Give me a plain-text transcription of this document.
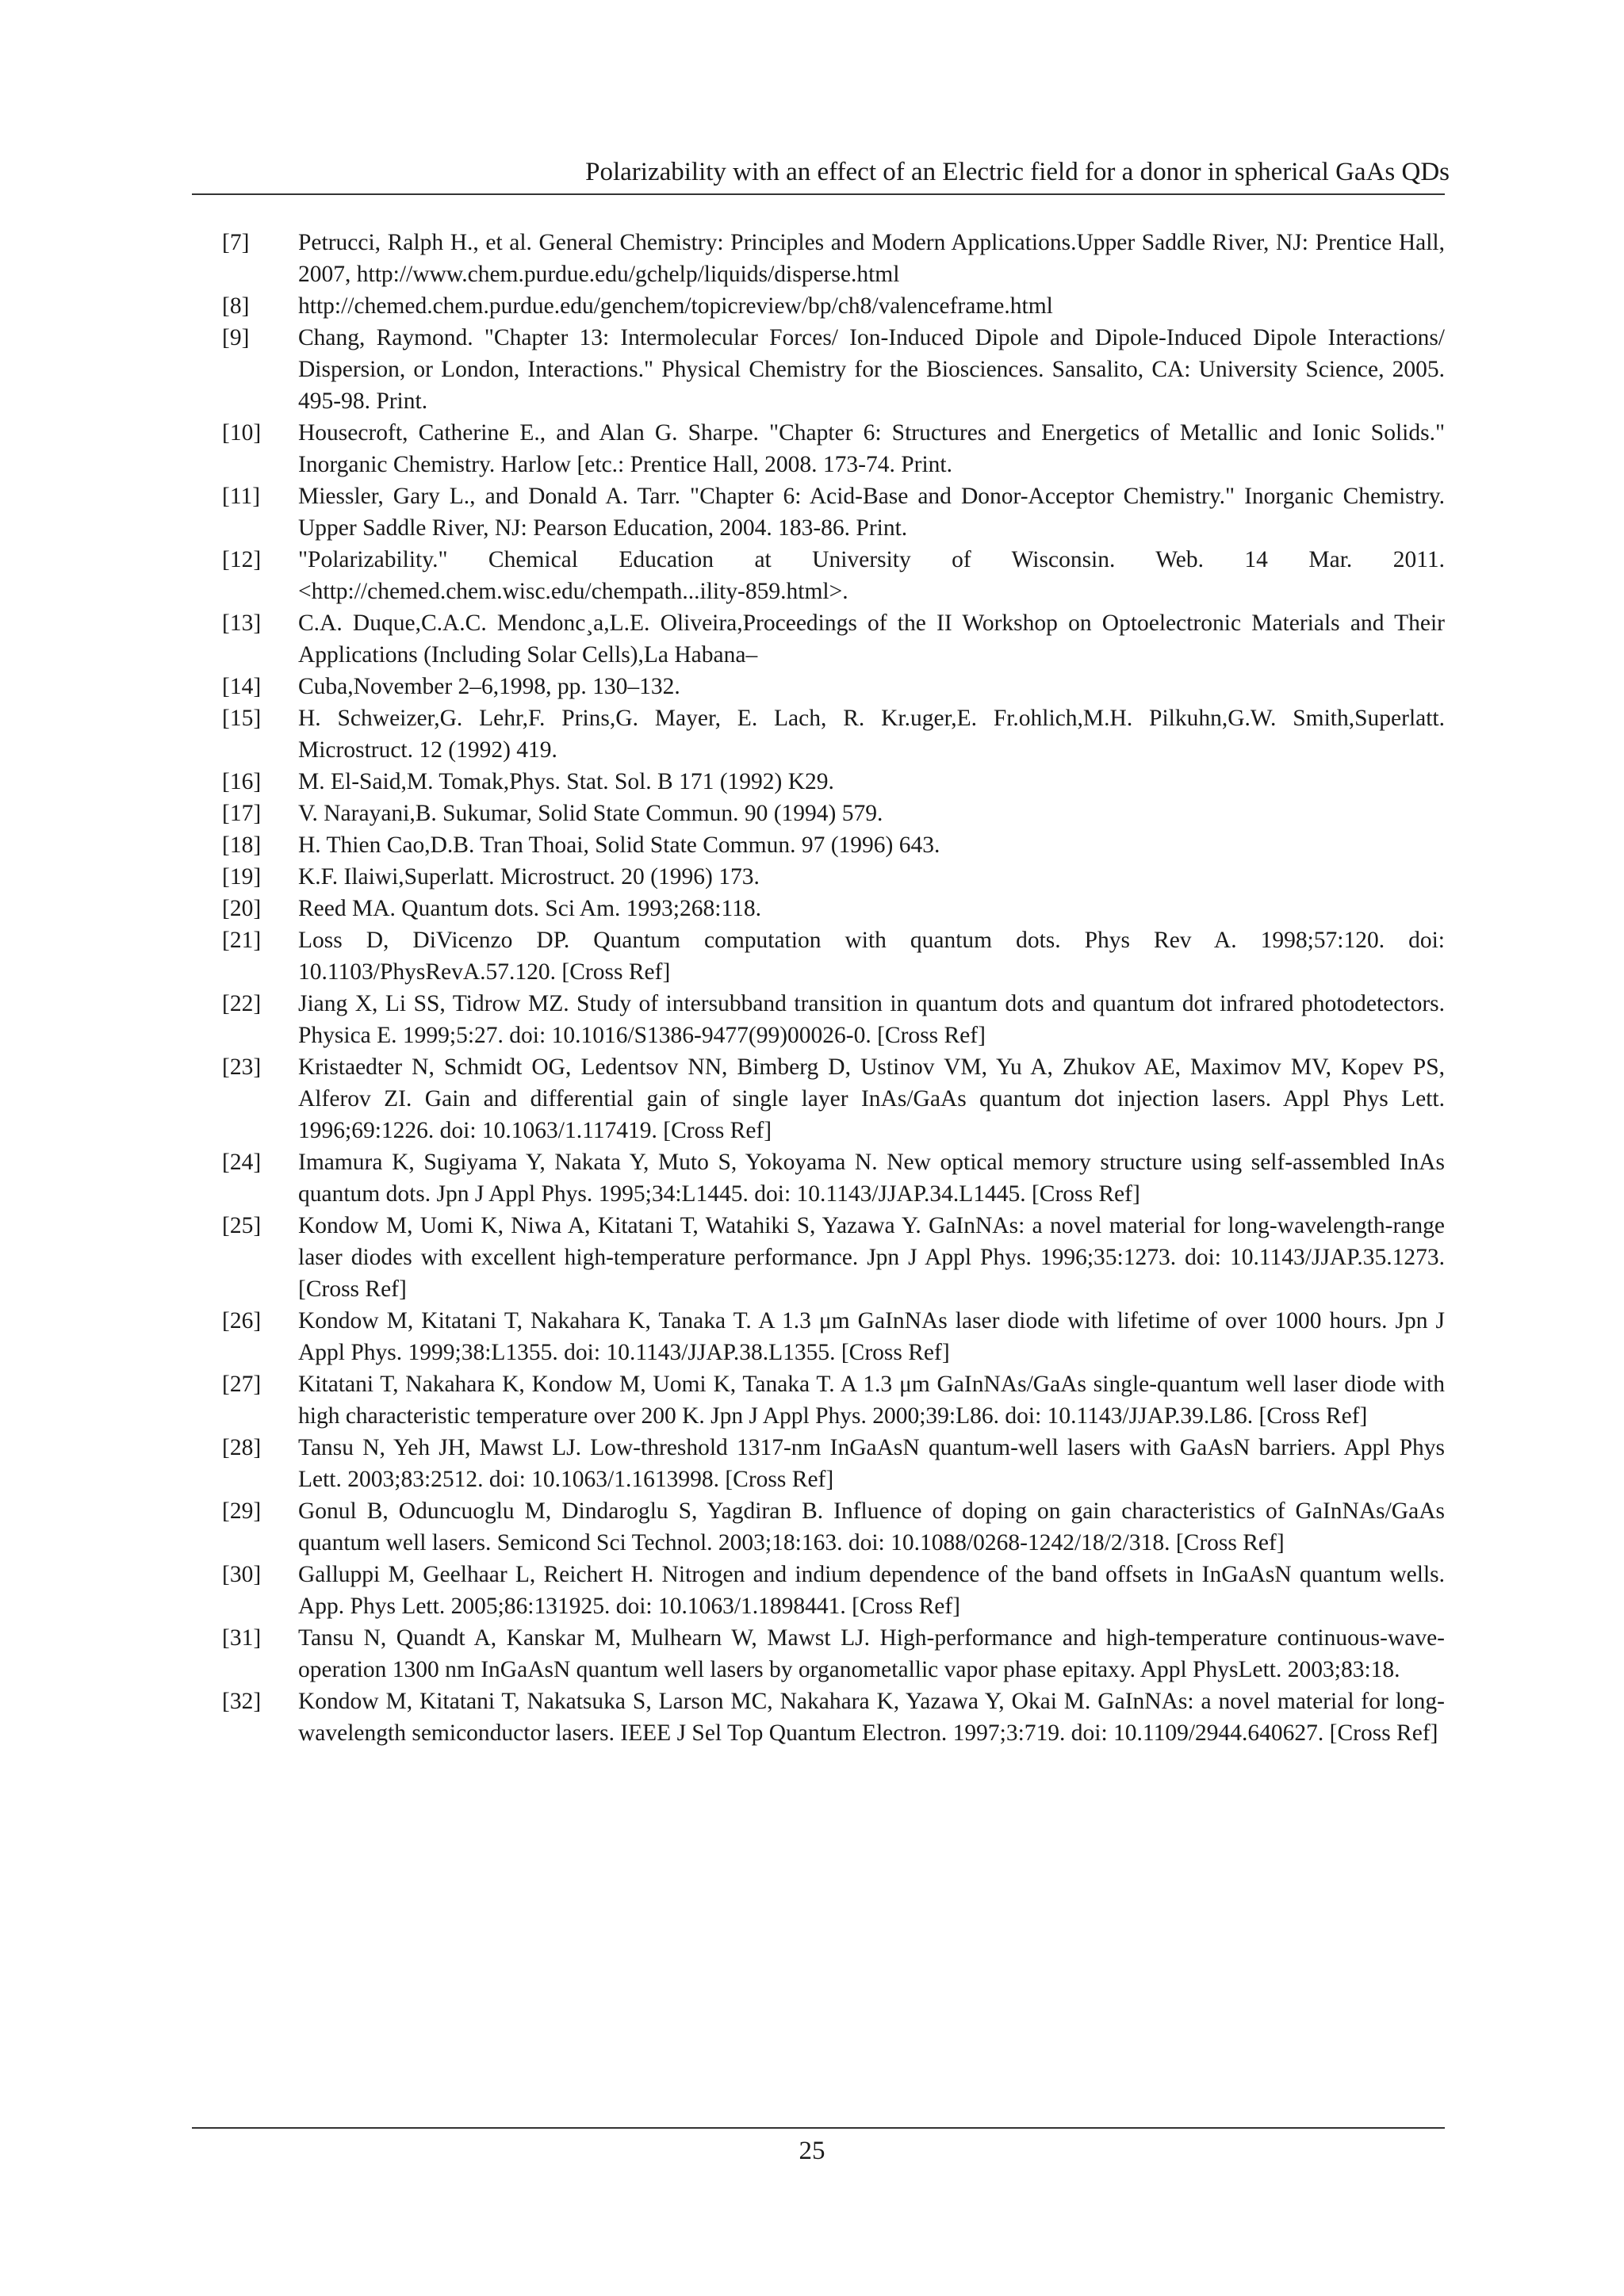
Polarizability with an effect of an Electric field for a donor in spherical GaAs QDs
[7]	Petrucci, Ralph H., et al. General Chemistry: Principles and Modern Applications.Upper Saddle River, NJ: Prentice Hall, 2007, http://www.chem.purdue.edu/gchelp/liquids/disperse.html
[8]	http://chemed.chem.purdue.edu/genchem/topicreview/bp/ch8/valenceframe.html
[9]	Chang, Raymond. "Chapter 13: Intermolecular Forces/ Ion-Induced Dipole and Dipole-Induced Dipole Interactions/ Dispersion, or London, Interactions." Physical Chemistry for the Biosciences. Sansalito, CA: University Science, 2005. 495-98. Print.
[10]	Housecroft, Catherine E., and Alan G. Sharpe. "Chapter 6: Structures and Energetics of Metallic and Ionic Solids." Inorganic Chemistry. Harlow [etc.: Prentice Hall, 2008. 173-74. Print.
[11]	Miessler, Gary L., and Donald A. Tarr. "Chapter 6: Acid-Base and Donor-Acceptor Chemistry." Inorganic Chemistry. Upper Saddle River, NJ: Pearson Education, 2004. 183-86. Print.
[12]	"Polarizability." Chemical Education at University of Wisconsin. Web. 14 Mar. 2011. <http://chemed.chem.wisc.edu/chempath...ility-859.html>.
[13]	C.A. Duque,C.A.C. Mendonc¸a,L.E. Oliveira,Proceedings of the II Workshop on Optoelectronic Materials and Their Applications (Including Solar Cells),La Habana–
[14]	Cuba,November 2–6,1998, pp. 130–132.
[15]	H. Schweizer,G. Lehr,F. Prins,G. Mayer, E. Lach, R. Kr.uger,E. Fr.ohlich,M.H. Pilkuhn,G.W. Smith,Superlatt. Microstruct. 12 (1992) 419.
[16]	M. El-Said,M. Tomak,Phys. Stat. Sol. B 171 (1992) K29.
[17]	V. Narayani,B. Sukumar, Solid State Commun. 90 (1994) 579.
[18]	H. Thien Cao,D.B. Tran Thoai, Solid State Commun. 97 (1996) 643.
[19]	K.F. Ilaiwi,Superlatt. Microstruct. 20 (1996) 173.
[20]	Reed MA. Quantum dots. Sci Am. 1993;268:118.
[21]	Loss D, DiVicenzo DP. Quantum computation with quantum dots. Phys Rev A. 1998;57:120. doi: 10.1103/PhysRevA.57.120. [Cross Ref]
[22]	Jiang X, Li SS, Tidrow MZ. Study of intersubband transition in quantum dots and quantum dot infrared photodetectors. Physica E. 1999;5:27. doi: 10.1016/S1386-9477(99)00026-0. [Cross Ref]
[23]	Kristaedter N, Schmidt OG, Ledentsov NN, Bimberg D, Ustinov VM, Yu A, Zhukov AE, Maximov MV, Kopev PS, Alferov ZI. Gain and differential gain of single layer InAs/GaAs quantum dot injection lasers. Appl Phys Lett. 1996;69:1226. doi: 10.1063/1.117419. [Cross Ref]
[24]	Imamura K, Sugiyama Y, Nakata Y, Muto S, Yokoyama N. New optical memory structure using self-assembled InAs quantum dots. Jpn J Appl Phys. 1995;34:L1445. doi: 10.1143/JJAP.34.L1445. [Cross Ref]
[25]	Kondow M, Uomi K, Niwa A, Kitatani T, Watahiki S, Yazawa Y. GaInNAs: a novel material for long-wavelength-range laser diodes with excellent high-temperature performance. Jpn J Appl Phys. 1996;35:1273. doi: 10.1143/JJAP.35.1273. [Cross Ref]
[26]	Kondow M, Kitatani T, Nakahara K, Tanaka T. A 1.3 μm GaInNAs laser diode with lifetime of over 1000 hours. Jpn J Appl Phys. 1999;38:L1355. doi: 10.1143/JJAP.38.L1355. [Cross Ref]
[27]	Kitatani T, Nakahara K, Kondow M, Uomi K, Tanaka T. A 1.3 μm GaInNAs/GaAs single-quantum well laser diode with high characteristic temperature over 200 K. Jpn J Appl Phys. 2000;39:L86. doi: 10.1143/JJAP.39.L86. [Cross Ref]
[28]	Tansu N, Yeh JH, Mawst LJ. Low-threshold 1317-nm InGaAsN quantum-well lasers with GaAsN barriers. Appl Phys Lett. 2003;83:2512. doi: 10.1063/1.1613998. [Cross Ref]
[29]	Gonul B, Oduncuoglu M, Dindaroglu S, Yagdiran B. Influence of doping on gain characteristics of GaInNAs/GaAs quantum well lasers. Semicond Sci Technol. 2003;18:163. doi: 10.1088/0268-1242/18/2/318. [Cross Ref]
[30]	Galluppi M, Geelhaar L, Reichert H. Nitrogen and indium dependence of the band offsets in InGaAsN quantum wells. App. Phys Lett. 2005;86:131925. doi: 10.1063/1.1898441. [Cross Ref]
[31]	Tansu N, Quandt A, Kanskar M, Mulhearn W, Mawst LJ. High-performance and high-temperature continuous-wave-operation 1300 nm InGaAsN quantum well lasers by organometallic vapor phase epitaxy. Appl PhysLett. 2003;83:18.
[32]	Kondow M, Kitatani T, Nakatsuka S, Larson MC, Nakahara K, Yazawa Y, Okai M. GaInNAs: a novel material for long-wavelength semiconductor lasers. IEEE J Sel Top Quantum Electron. 1997;3:719. doi: 10.1109/2944.640627. [Cross Ref]
25
